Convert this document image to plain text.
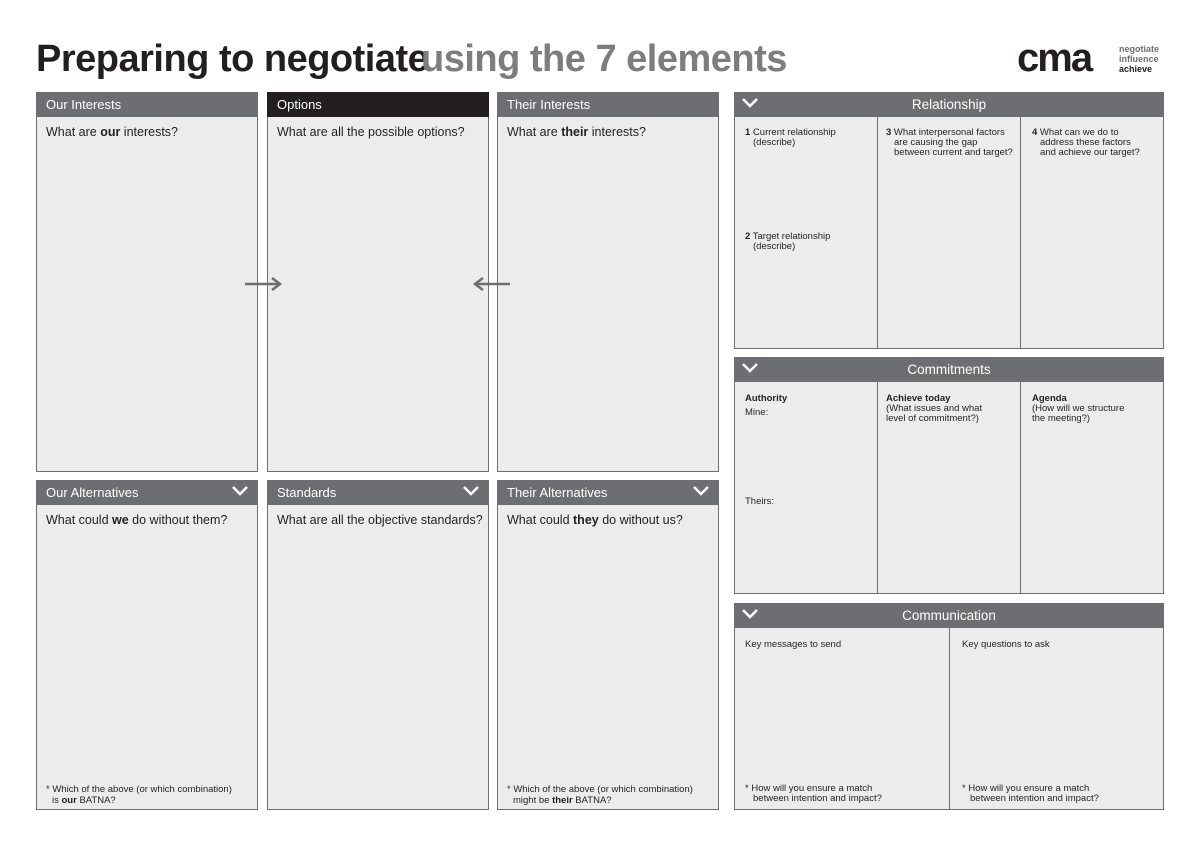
Preparing to negotiate
using the 7 elements	cma	negotiate
influence
achieve
Our Interests
What are our interests?
Options
What are all the possible options?
Their Interests
What are their interests?
Our Alternatives
What could we do without them?
* Which of the above (or which combination)
is our BATNA?
Standards
What are all the objective standards?
Their Alternatives
What could they do without us?
* Which of the above (or which combination)
might be their BATNA?
Relationship
1 Current relationship
(describe)
2 Target relationship
(describe)
3 What interpersonal factors
are causing the gap
between current and target?
4 What can we do to
address these factors
and achieve our target?
Commitments
Authority
Mine:
Theirs:
Achieve today
(What issues and what
level of commitment?)
Agenda
(How will we structure
the meeting?)
Communication
Key messages to send	Key questions to ask
* How will you ensure a match
between intention and impact?
* How will you ensure a match
between intention and impact?
